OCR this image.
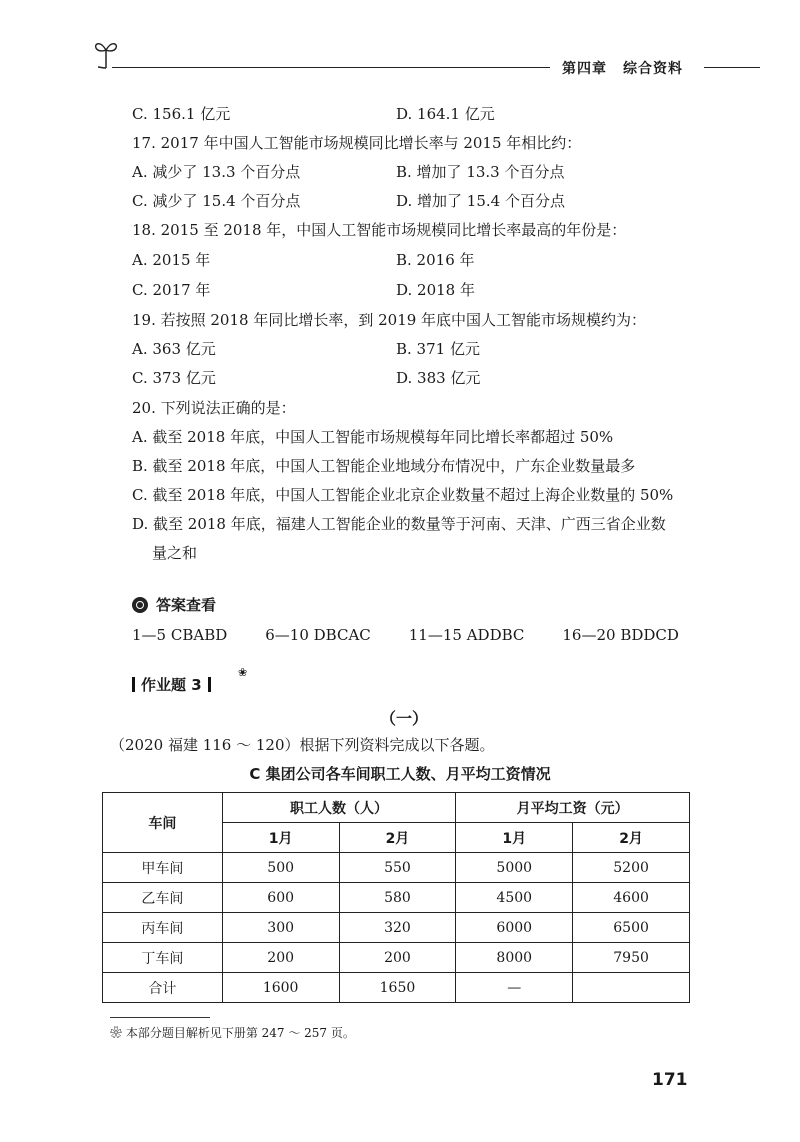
第四章 综合资料
C. 156.1 亿元	D. 164.1 亿元
17. 2017 年中国人工智能市场规模同比增长率与 2015 年相比约：
A. 减少了 13.3 个百分点	B. 增加了 13.3 个百分点
C. 减少了 15.4 个百分点	D. 增加了 15.4 个百分点
18. 2015 至 2018 年，中国人工智能市场规模同比增长率最高的年份是：
A. 2015 年	B. 2016 年
C. 2017 年	D. 2018 年
19. 若按照 2018 年同比增长率，到 2019 年底中国人工智能市场规模约为：
A. 363 亿元	B. 371 亿元
C. 373 亿元	D. 383 亿元
20. 下列说法正确的是：
A. 截至 2018 年底，中国人工智能市场规模每年同比增长率都超过 50%
B. 截至 2018 年底，中国人工智能企业地域分布情况中，广东企业数量最多
C. 截至 2018 年底，中国人工智能企业北京企业数量不超过上海企业数量的 50%
D. 截至 2018 年底，福建人工智能企业的数量等于河南、天津、广西三省企业数
量之和
答案查看
1—5 CBABD	6—10 DBCAC	11—15 ADDBC	16—20 BDDCD
作业题 3
❀
（一）
（2020 福建 116 ～ 120）根据下列资料完成以下各题。
C 集团公司各车间职工人数、月平均工资情况
车间	职工人数（人）		月平均工资（元）	
	1月	2月	1月	2月
甲车间	500	550	5000	5200
乙车间	600	580	4500	4600
丙车间	300	320	6000	6500
丁车间	200	200	8000	7950
合计	1600	1650	—	
❀ 本部分题目解析见下册第 247 ～ 257 页。
171
